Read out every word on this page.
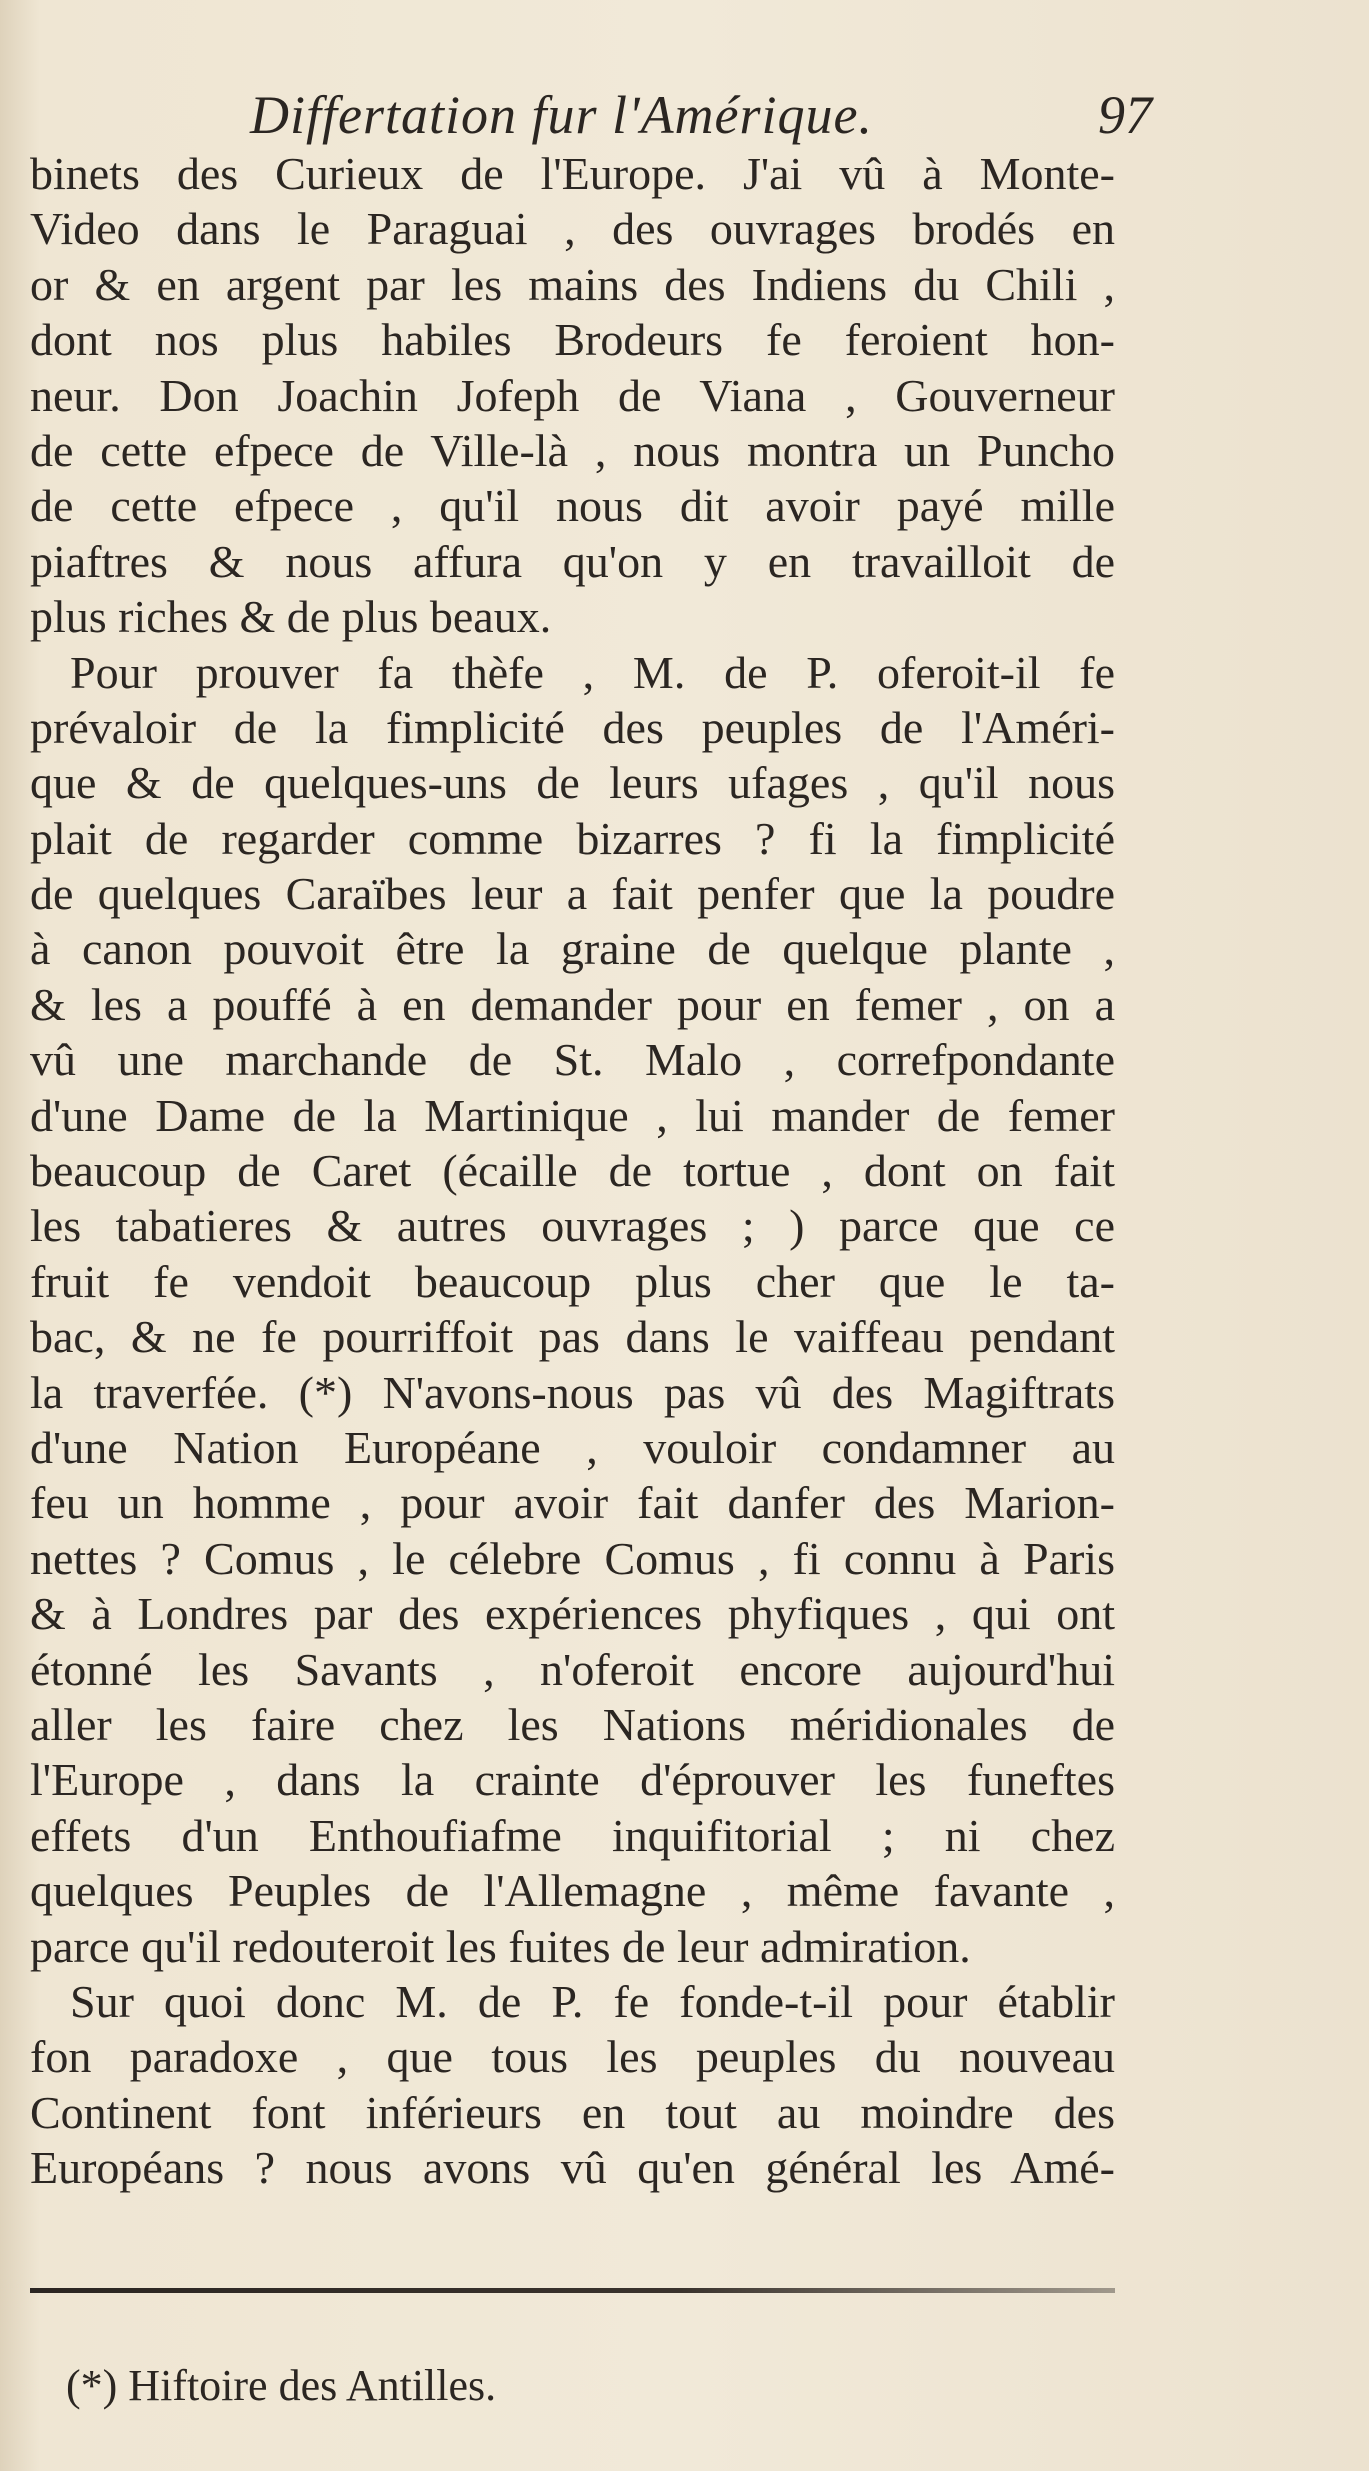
Differtation fur l'Amérique.	97
binets des Curieux de l'Europe. J'ai vû à Monte-
Video dans le Paraguai , des ouvrages brodés en
or & en argent par les mains des Indiens du Chili ,
dont nos plus habiles Brodeurs fe feroient hon-
neur. Don Joachin Jofeph de Viana , Gouverneur
de cette efpece de Ville-là , nous montra un Puncho
de cette efpece , qu'il nous dit avoir payé mille
piaftres & nous affura qu'on y en travailloit de
plus riches & de plus beaux.
Pour prouver fa thèfe , M. de P. oferoit-il fe
prévaloir de la fimplicité des peuples de l'Améri-
que & de quelques-uns de leurs ufages , qu'il nous
plait de regarder comme bizarres ? fi la fimplicité
de quelques Caraïbes leur a fait penfer que la poudre
à canon pouvoit être la graine de quelque plante ,
& les a pouffé à en demander pour en femer , on a
vû une marchande de St. Malo , correfpondante
d'une Dame de la Martinique , lui mander de femer
beaucoup de Caret (écaille de tortue , dont on fait
les tabatieres & autres ouvrages ; ) parce que ce
fruit fe vendoit beaucoup plus cher que le ta-
bac, & ne fe pourriffoit pas dans le vaiffeau pendant
la traverfée. (*) N'avons-nous pas vû des Magiftrats
d'une Nation Européane , vouloir condamner au
feu un homme , pour avoir fait danfer des Marion-
nettes ? Comus , le célebre Comus , fi connu à Paris
& à Londres par des expériences phyfiques , qui ont
étonné les Savants , n'oferoit encore aujourd'hui
aller les faire chez les Nations méridionales de
l'Europe , dans la crainte d'éprouver les funeftes
effets d'un Enthoufiafme inquifitorial ; ni chez
quelques Peuples de l'Allemagne , même favante ,
parce qu'il redouteroit les fuites de leur admiration.
Sur quoi donc M. de P. fe fonde-t-il pour établir
fon paradoxe , que tous les peuples du nouveau
Continent font inférieurs en tout au moindre des
Européans ? nous avons vû qu'en général les Amé-
(*) Hiftoire des Antilles.
